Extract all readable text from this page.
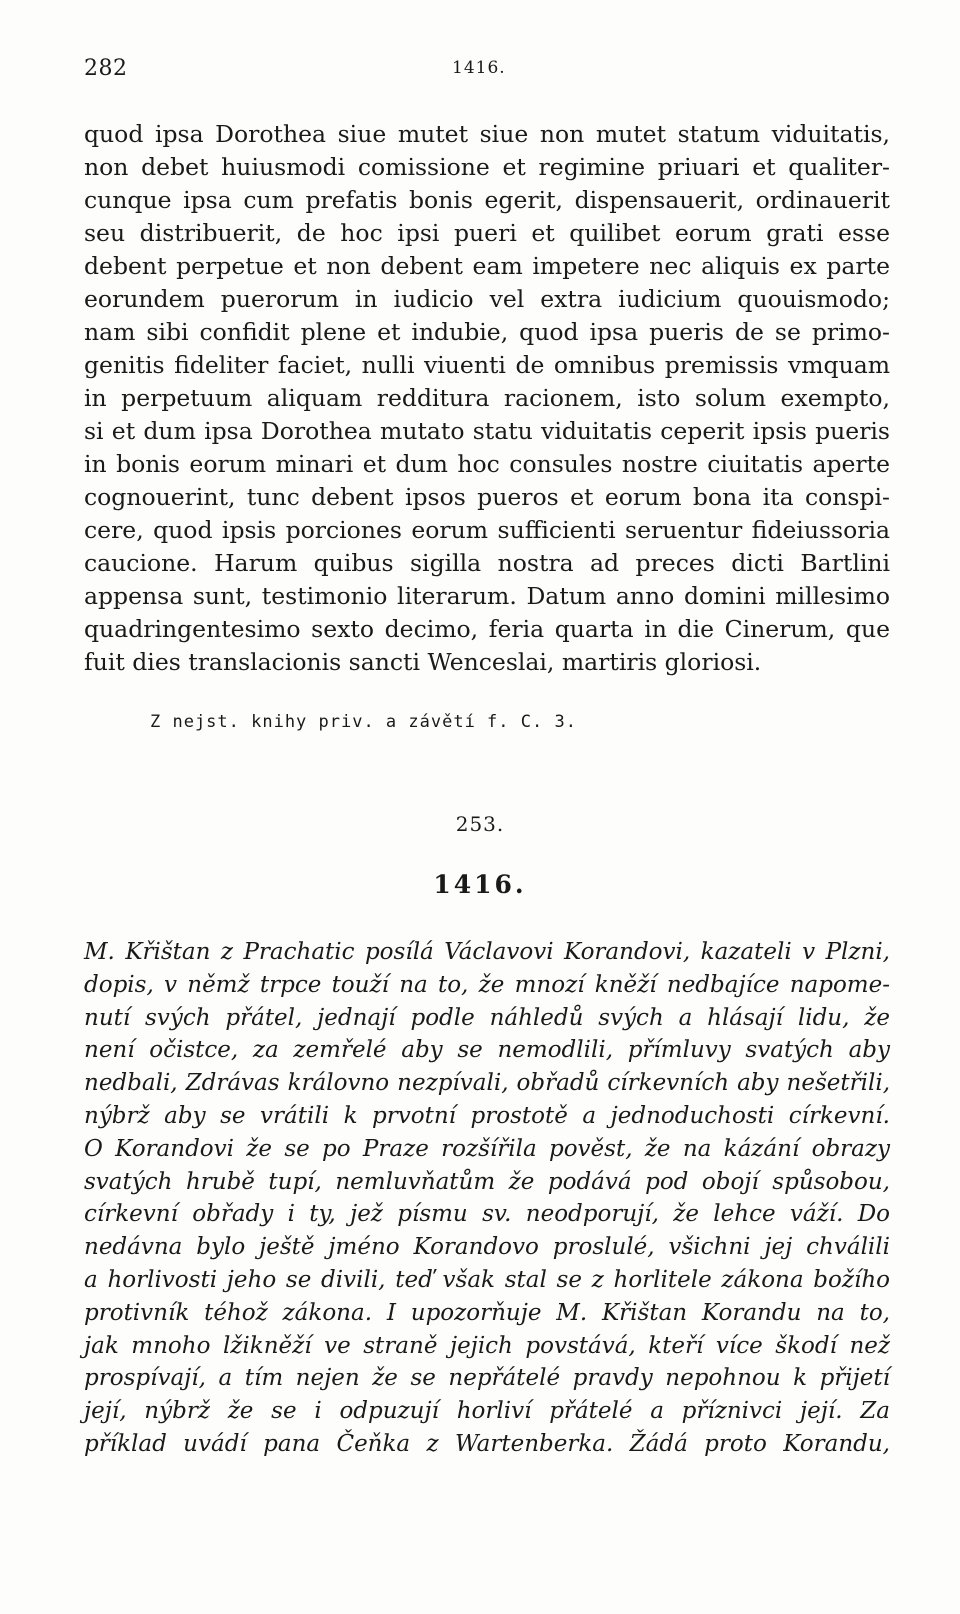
282	1416.
quod ipsa Dorothea siue mutet siue non mutet statum viduitatis,
non debet huiusmodi comissione et regimine priuari et qualiter-
cunque ipsa cum prefatis bonis egerit, dispensauerit, ordinauerit
seu distribuerit, de hoc ipsi pueri et quilibet eorum grati esse
debent perpetue et non debent eam impetere nec aliquis ex parte
eorundem puerorum in iudicio vel extra iudicium quouismodo;
nam sibi confidit plene et indubie, quod ipsa pueris de se primo-
genitis fideliter faciet, nulli viuenti de omnibus premissis vmquam
in perpetuum aliquam redditura racionem, isto solum exempto,
si et dum ipsa Dorothea mutato statu viduitatis ceperit ipsis pueris
in bonis eorum minari et dum hoc consules nostre ciuitatis aperte
cognouerint, tunc debent ipsos pueros et eorum bona ita conspi-
cere, quod ipsis porciones eorum sufficienti seruentur fideiussoria
caucione. Harum quibus sigilla nostra ad preces dicti Bartlini
appensa sunt, testimonio literarum. Datum anno domini millesimo
quadringentesimo sexto decimo, feria quarta in die Cinerum, que
fuit dies translacionis sancti Wenceslai, martiris gloriosi.
Z nejst. knihy priv. a závětí f. C. 3.
253.
1416.
M. Křištan z Prachatic posílá Václavovi Korandovi, kazateli v Plzni,
dopis, v němž trpce touží na to, že mnozí kněží nedbajíce napome-
nutí svých přátel, jednají podle náhledů svých a hlásají lidu, že
není očistce, za zemřelé aby se nemodlili, přímluvy svatých aby
nedbali, Zdrávas královno nezpívali, obřadů církevních aby nešetřili,
nýbrž aby se vrátili k prvotní prostotě a jednoduchosti církevní.
O Korandovi že se po Praze rozšířila pověst, že na kázání obrazy
svatých hrubě tupí, nemluvňatům že podává pod obojí spůsobou,
církevní obřady i ty, jež písmu sv. neodporují, že lehce váží. Do
nedávna bylo ještě jméno Korandovo proslulé, všichni jej chválili
a horlivosti jeho se divili, teď však stal se z horlitele zákona božího
protivník téhož zákona. I upozorňuje M. Křištan Korandu na to,
jak mnoho lžikněží ve straně jejich povstává, kteří více škodí než
prospívají, a tím nejen že se nepřátelé pravdy nepohnou k přijetí
její, nýbrž že se i odpuzují horliví přátelé a příznivci její. Za
příklad uvádí pana Čeňka z Wartenberka. Žádá proto Korandu,
